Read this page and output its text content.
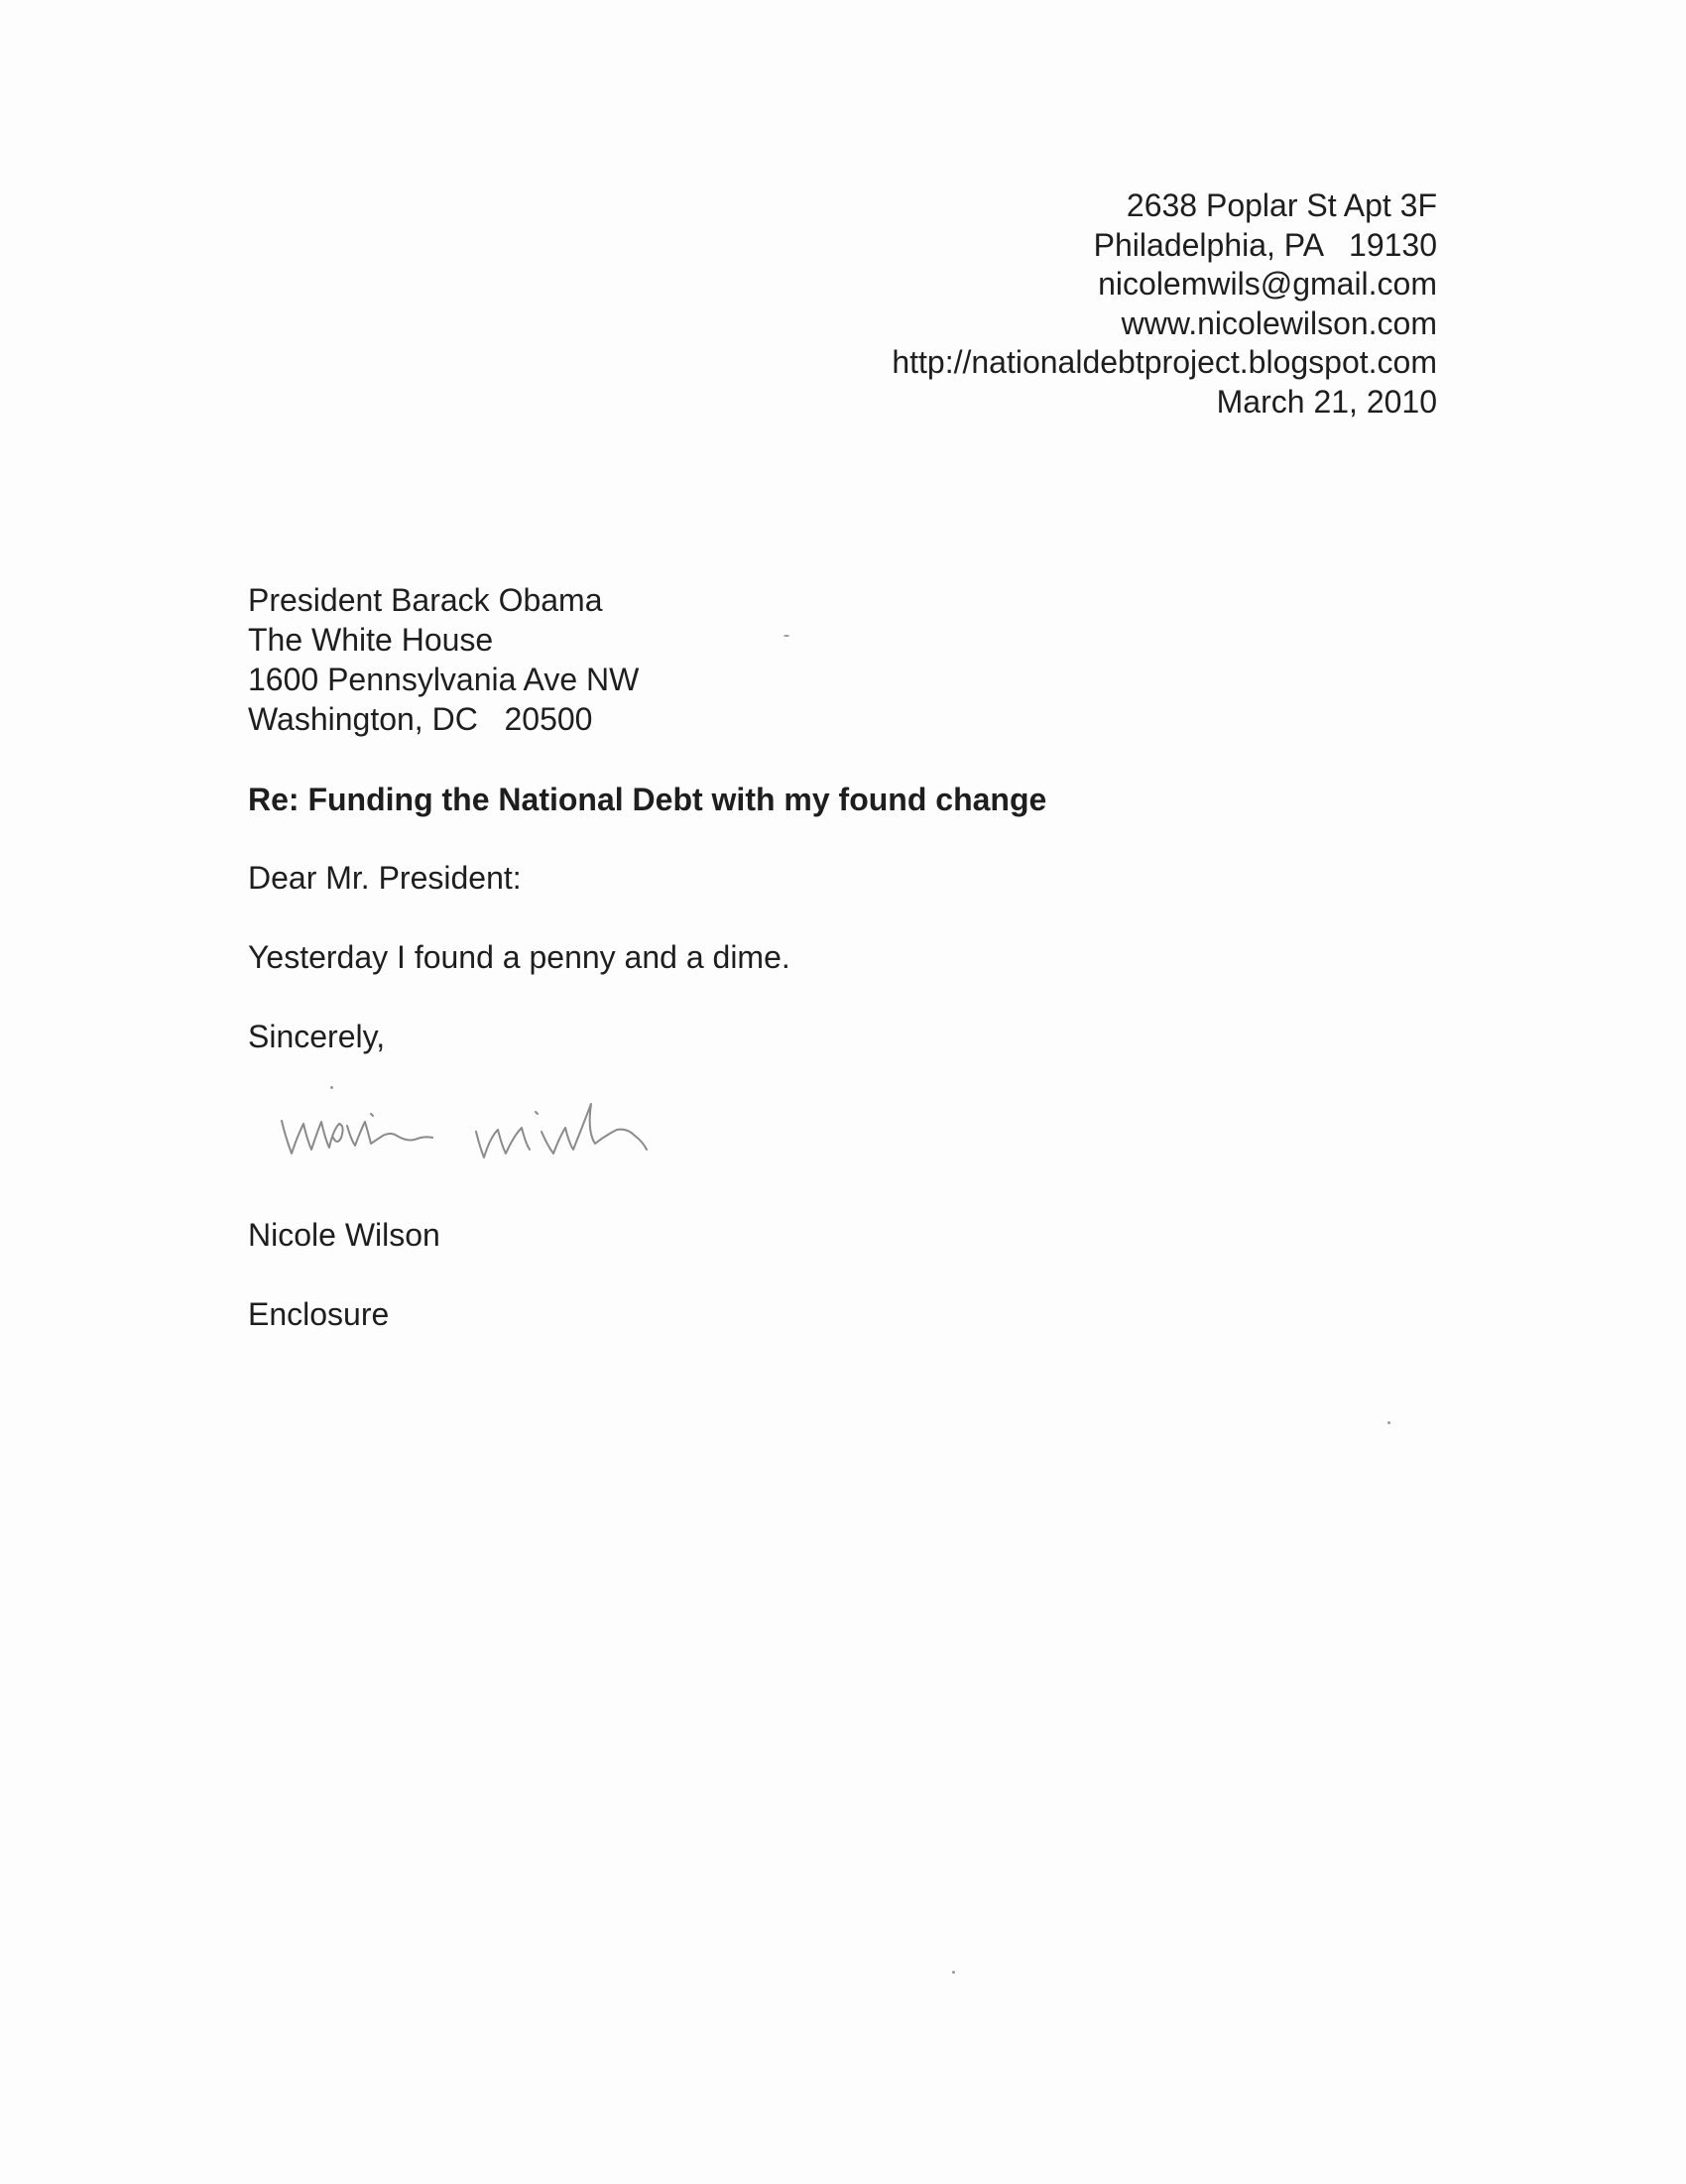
2638 Poplar St Apt 3F
Philadelphia, PA   19130
nicolemwils@gmail.com
www.nicolewilson.com
http://nationaldebtproject.blogspot.com
March 21, 2010
President Barack Obama
The White House
1600 Pennsylvania Ave NW
Washington, DC   20500
Re: Funding the National Debt with my found change
Dear Mr. President:
Yesterday I found a penny and a dime.
Sincerely,
Nicole Wilson
Enclosure
